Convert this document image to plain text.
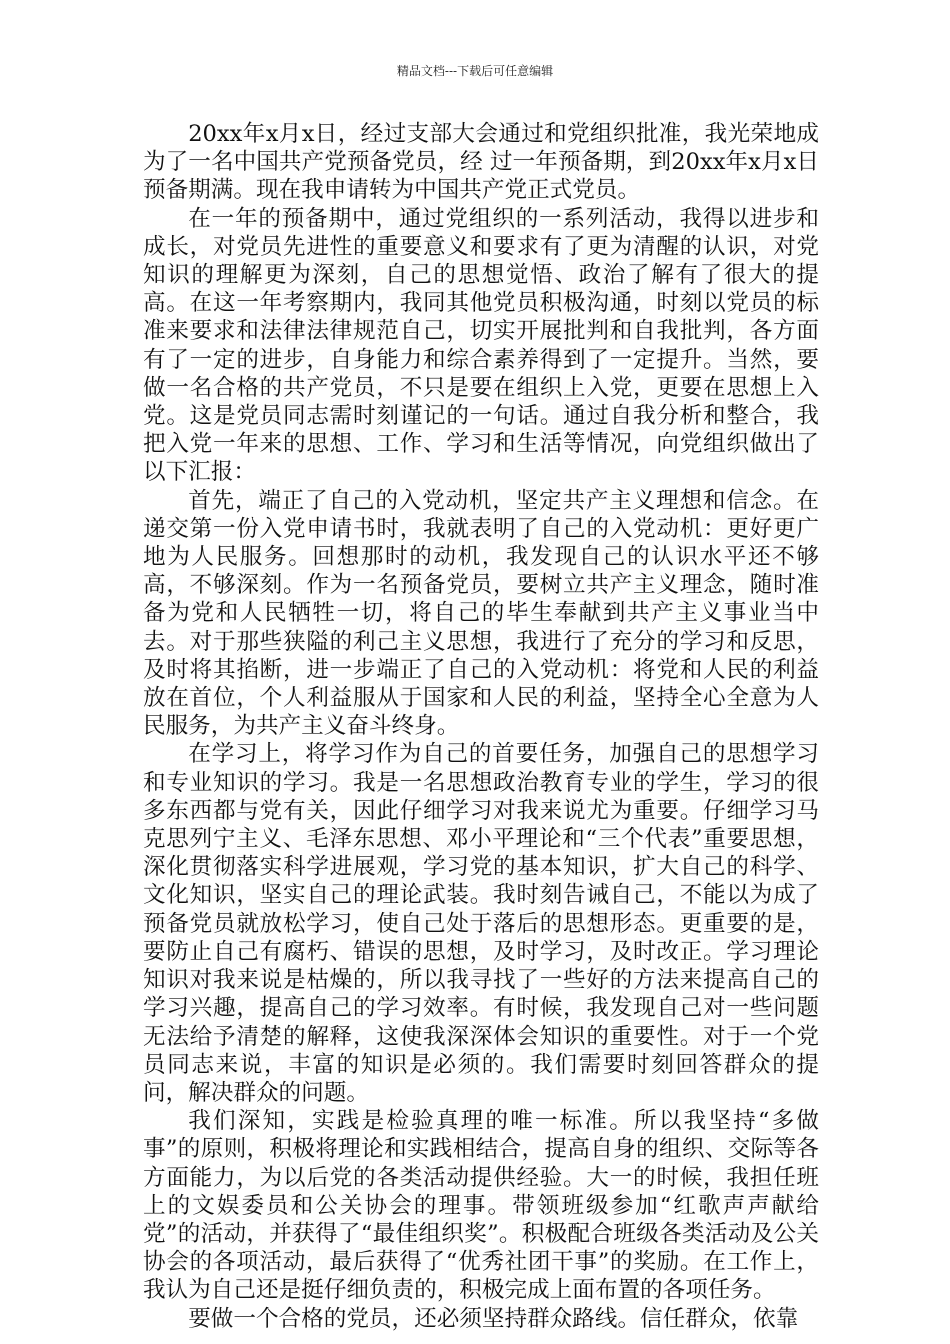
精品文档---下载后可任意编辑

20xx年x月x日，经过支部大会通过和党组织批准，我光荣地成为了一名中国共产党预备党员，经 过一年预备期，到20xx年x月x日预备期满。现在我申请转为中国共产党正式党员。

在一年的预备期中，通过党组织的一系列活动，我得以进步和成长，对党员先进性的重要意义和要求有了更为清醒的认识，对党知识的理解更为深刻，自己的思想觉悟、政治了解有了很大的提高。在这一年考察期内，我同其他党员积极沟通，时刻以党员的标准来要求和法律法律规范自己，切实开展批判和自我批判，各方面有了一定的进步，自身能力和综合素养得到了一定提升。当然，要做一名合格的共产党员，不只是要在组织上入党，更要在思想上入党。这是党员同志需时刻谨记的一句话。通过自我分析和整合，我把入党一年来的思想、工作、学习和生活等情况，向党组织做出了以下汇报：

首先，端正了自己的入党动机，坚定共产主义理想和信念。在递交第一份入党申请书时，我就表明了自己的入党动机：更好更广地为人民服务。回想那时的动机，我发现自己的认识水平还不够高，不够深刻。作为一名预备党员，要树立共产主义理念，随时准备为党和人民牺牲一切，将自己的毕生奉献到共产主义事业当中去。对于那些狭隘的利己主义思想，我进行了充分的学习和反思，及时将其掐断，进一步端正了自己的入党动机：将党和人民的利益放在首位，个人利益服从于国家和人民的利益，坚持全心全意为人民服务，为共产主义奋斗终身。

在学习上，将学习作为自己的首要任务，加强自己的思想学习和专业知识的学习。我是一名思想政治教育专业的学生，学习的很多东西都与党有关，因此仔细学习对我来说尤为重要。仔细学习马克思列宁主义、毛泽东思想、邓小平理论和“三个代表”重要思想，深化贯彻落实科学进展观，学习党的基本知识，扩大自己的科学、文化知识，坚实自己的理论武装。我时刻告诫自己，不能以为成了预备党员就放松学习，使自己处于落后的思想形态。更重要的是，要防止自己有腐朽、错误的思想，及时学习，及时改正。学习理论知识对我来说是枯燥的，所以我寻找了一些好的方法来提高自己的学习兴趣，提高自己的学习效率。有时候，我发现自己对一些问题无法给予清楚的解释，这使我深深体会知识的重要性。对于一个党员同志来说，丰富的知识是必须的。我们需要时刻回答群众的提问，解决群众的问题。

我们深知，实践是检验真理的唯一标准。所以我坚持“多做事”的原则，积极将理论和实践相结合，提高自身的组织、交际等各方面能力，为以后党的各类活动提供经验。大一的时候，我担任班上的文娱委员和公关协会的理事。带领班级参加“红歌声声献给党”的活动，并获得了“最佳组织奖”。积极配合班级各类活动及公关协会的各项活动，最后获得了“优秀社团干事”的奖励。在工作上，我认为自己还是挺仔细负责的，积极完成上面布置的各项任务。

要做一个合格的党员，还必须坚持群众路线。信任群众，依靠
